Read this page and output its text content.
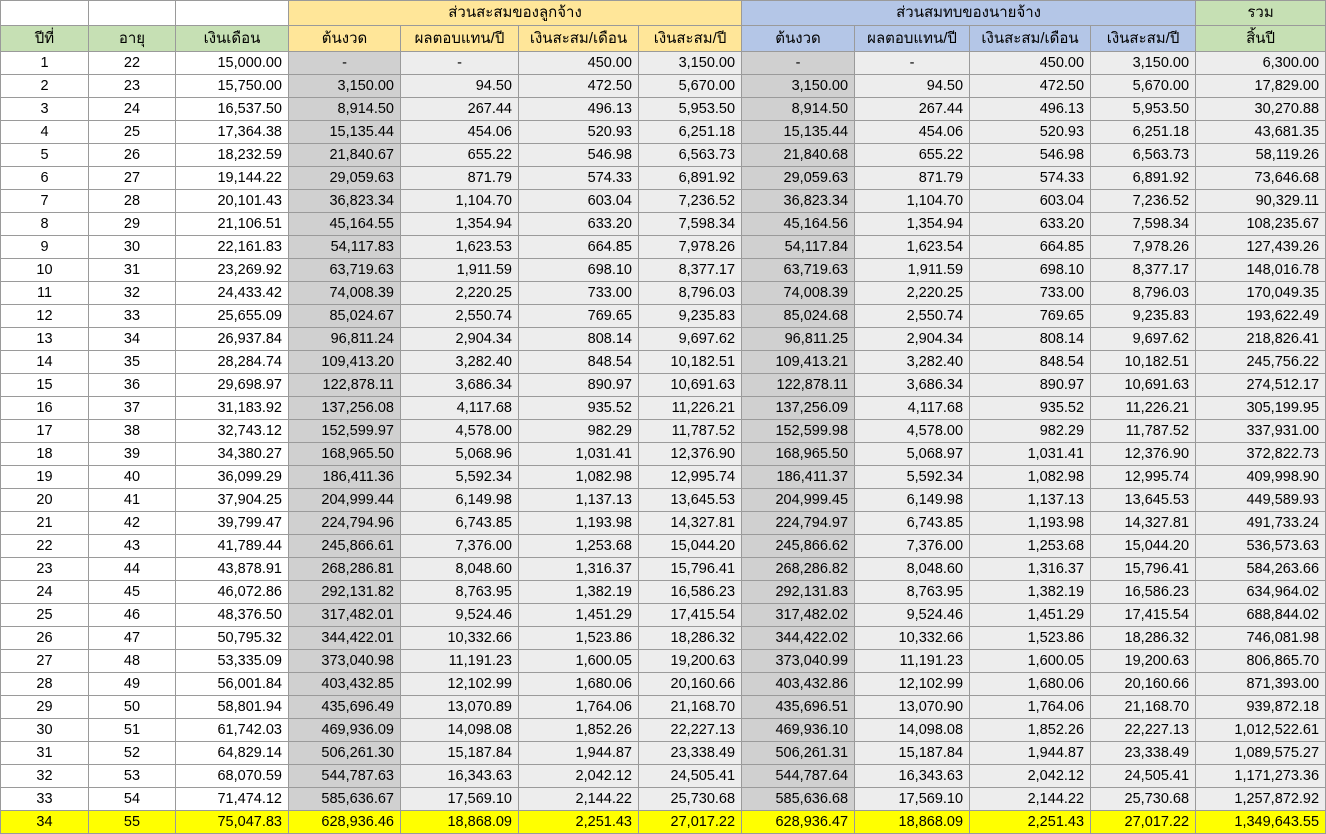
			ส่วนสะสมของลูกจ้าง				ส่วนสมทบของนายจ้าง				รวม
ปีที่	อายุ	เงินเดือน	ต้นงวด	ผลตอบแทน/ปี	เงินสะสม/เดือน	เงินสะสม/ปี	ต้นงวด	ผลตอบแทน/ปี	เงินสะสม/เดือน	เงินสะสม/ปี	สิ้นปี
1	22	15,000.00	-	-	450.00	3,150.00	-	-	450.00	3,150.00	6,300.00
2	23	15,750.00	3,150.00	94.50	472.50	5,670.00	3,150.00	94.50	472.50	5,670.00	17,829.00
3	24	16,537.50	8,914.50	267.44	496.13	5,953.50	8,914.50	267.44	496.13	5,953.50	30,270.88
4	25	17,364.38	15,135.44	454.06	520.93	6,251.18	15,135.44	454.06	520.93	6,251.18	43,681.35
5	26	18,232.59	21,840.67	655.22	546.98	6,563.73	21,840.68	655.22	546.98	6,563.73	58,119.26
6	27	19,144.22	29,059.63	871.79	574.33	6,891.92	29,059.63	871.79	574.33	6,891.92	73,646.68
7	28	20,101.43	36,823.34	1,104.70	603.04	7,236.52	36,823.34	1,104.70	603.04	7,236.52	90,329.11
8	29	21,106.51	45,164.55	1,354.94	633.20	7,598.34	45,164.56	1,354.94	633.20	7,598.34	108,235.67
9	30	22,161.83	54,117.83	1,623.53	664.85	7,978.26	54,117.84	1,623.54	664.85	7,978.26	127,439.26
10	31	23,269.92	63,719.63	1,911.59	698.10	8,377.17	63,719.63	1,911.59	698.10	8,377.17	148,016.78
11	32	24,433.42	74,008.39	2,220.25	733.00	8,796.03	74,008.39	2,220.25	733.00	8,796.03	170,049.35
12	33	25,655.09	85,024.67	2,550.74	769.65	9,235.83	85,024.68	2,550.74	769.65	9,235.83	193,622.49
13	34	26,937.84	96,811.24	2,904.34	808.14	9,697.62	96,811.25	2,904.34	808.14	9,697.62	218,826.41
14	35	28,284.74	109,413.20	3,282.40	848.54	10,182.51	109,413.21	3,282.40	848.54	10,182.51	245,756.22
15	36	29,698.97	122,878.11	3,686.34	890.97	10,691.63	122,878.11	3,686.34	890.97	10,691.63	274,512.17
16	37	31,183.92	137,256.08	4,117.68	935.52	11,226.21	137,256.09	4,117.68	935.52	11,226.21	305,199.95
17	38	32,743.12	152,599.97	4,578.00	982.29	11,787.52	152,599.98	4,578.00	982.29	11,787.52	337,931.00
18	39	34,380.27	168,965.50	5,068.96	1,031.41	12,376.90	168,965.50	5,068.97	1,031.41	12,376.90	372,822.73
19	40	36,099.29	186,411.36	5,592.34	1,082.98	12,995.74	186,411.37	5,592.34	1,082.98	12,995.74	409,998.90
20	41	37,904.25	204,999.44	6,149.98	1,137.13	13,645.53	204,999.45	6,149.98	1,137.13	13,645.53	449,589.93
21	42	39,799.47	224,794.96	6,743.85	1,193.98	14,327.81	224,794.97	6,743.85	1,193.98	14,327.81	491,733.24
22	43	41,789.44	245,866.61	7,376.00	1,253.68	15,044.20	245,866.62	7,376.00	1,253.68	15,044.20	536,573.63
23	44	43,878.91	268,286.81	8,048.60	1,316.37	15,796.41	268,286.82	8,048.60	1,316.37	15,796.41	584,263.66
24	45	46,072.86	292,131.82	8,763.95	1,382.19	16,586.23	292,131.83	8,763.95	1,382.19	16,586.23	634,964.02
25	46	48,376.50	317,482.01	9,524.46	1,451.29	17,415.54	317,482.02	9,524.46	1,451.29	17,415.54	688,844.02
26	47	50,795.32	344,422.01	10,332.66	1,523.86	18,286.32	344,422.02	10,332.66	1,523.86	18,286.32	746,081.98
27	48	53,335.09	373,040.98	11,191.23	1,600.05	19,200.63	373,040.99	11,191.23	1,600.05	19,200.63	806,865.70
28	49	56,001.84	403,432.85	12,102.99	1,680.06	20,160.66	403,432.86	12,102.99	1,680.06	20,160.66	871,393.00
29	50	58,801.94	435,696.49	13,070.89	1,764.06	21,168.70	435,696.51	13,070.90	1,764.06	21,168.70	939,872.18
30	51	61,742.03	469,936.09	14,098.08	1,852.26	22,227.13	469,936.10	14,098.08	1,852.26	22,227.13	1,012,522.61
31	52	64,829.14	506,261.30	15,187.84	1,944.87	23,338.49	506,261.31	15,187.84	1,944.87	23,338.49	1,089,575.27
32	53	68,070.59	544,787.63	16,343.63	2,042.12	24,505.41	544,787.64	16,343.63	2,042.12	24,505.41	1,171,273.36
33	54	71,474.12	585,636.67	17,569.10	2,144.22	25,730.68	585,636.68	17,569.10	2,144.22	25,730.68	1,257,872.92
34	55	75,047.83	628,936.46	18,868.09	2,251.43	27,017.22	628,936.47	18,868.09	2,251.43	27,017.22	1,349,643.55
